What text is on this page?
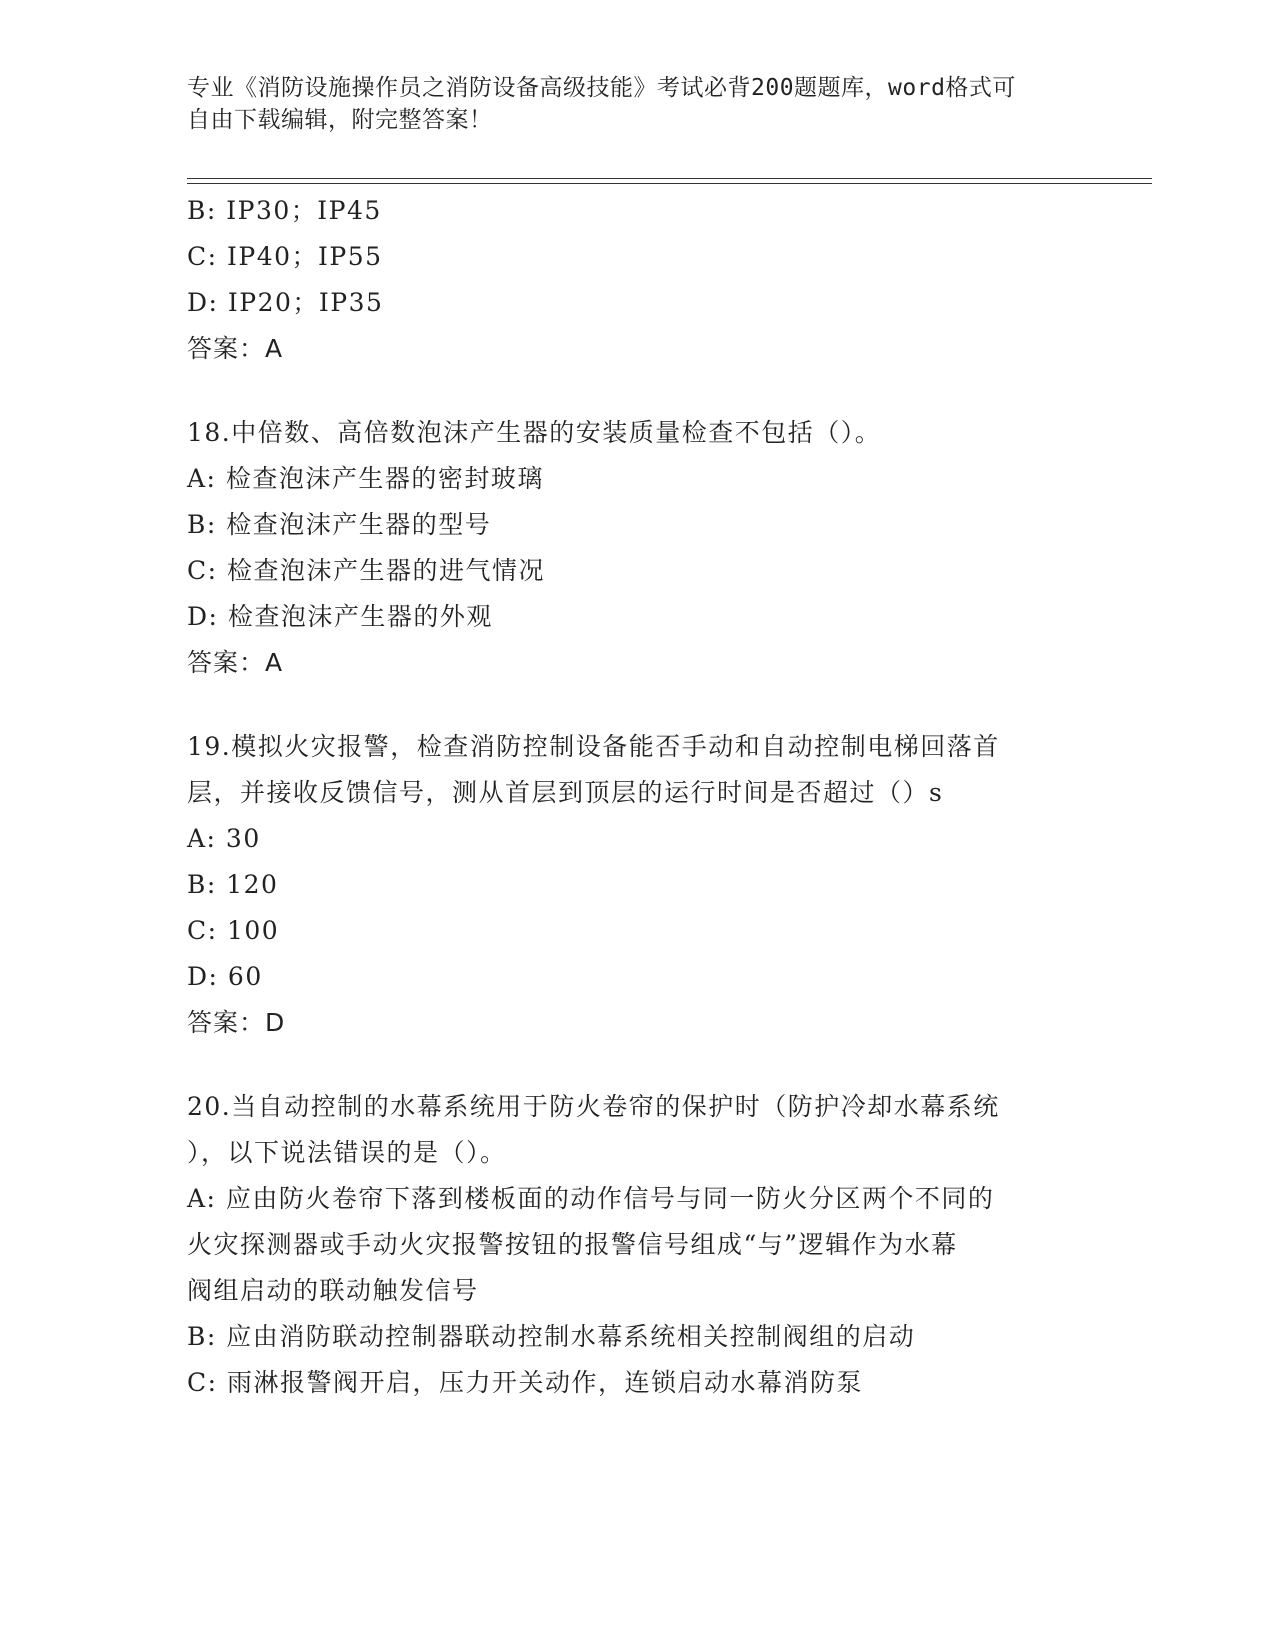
专业《消防设施操作员之消防设备高级技能》考试必背200题题库，word格式可
自由下载编辑，附完整答案！
B: IP30；IP45
C: IP40；IP55
D: IP20；IP35
答案：A
18.中倍数、高倍数泡沫产生器的安装质量检查不包括（）。
A: 检查泡沫产生器的密封玻璃
B: 检查泡沫产生器的型号
C: 检查泡沫产生器的进气情况
D: 检查泡沫产生器的外观
答案：A
19.模拟火灾报警，检查消防控制设备能否手动和自动控制电梯回落首
层，并接收反馈信号，测从首层到顶层的运行时间是否超过（）s
A: 30
B: 120
C: 100
D: 60
答案：D
20.当自动控制的水幕系统用于防火卷帘的保护时（防护冷却水幕系统
），以下说法错误的是（）。
A: 应由防火卷帘下落到楼板面的动作信号与同一防火分区两个不同的
火灾探测器或手动火灾报警按钮的报警信号组成“与”逻辑作为水幕
阀组启动的联动触发信号
B: 应由消防联动控制器联动控制水幕系统相关控制阀组的启动
C: 雨淋报警阀开启，压力开关动作，连锁启动水幕消防泵
